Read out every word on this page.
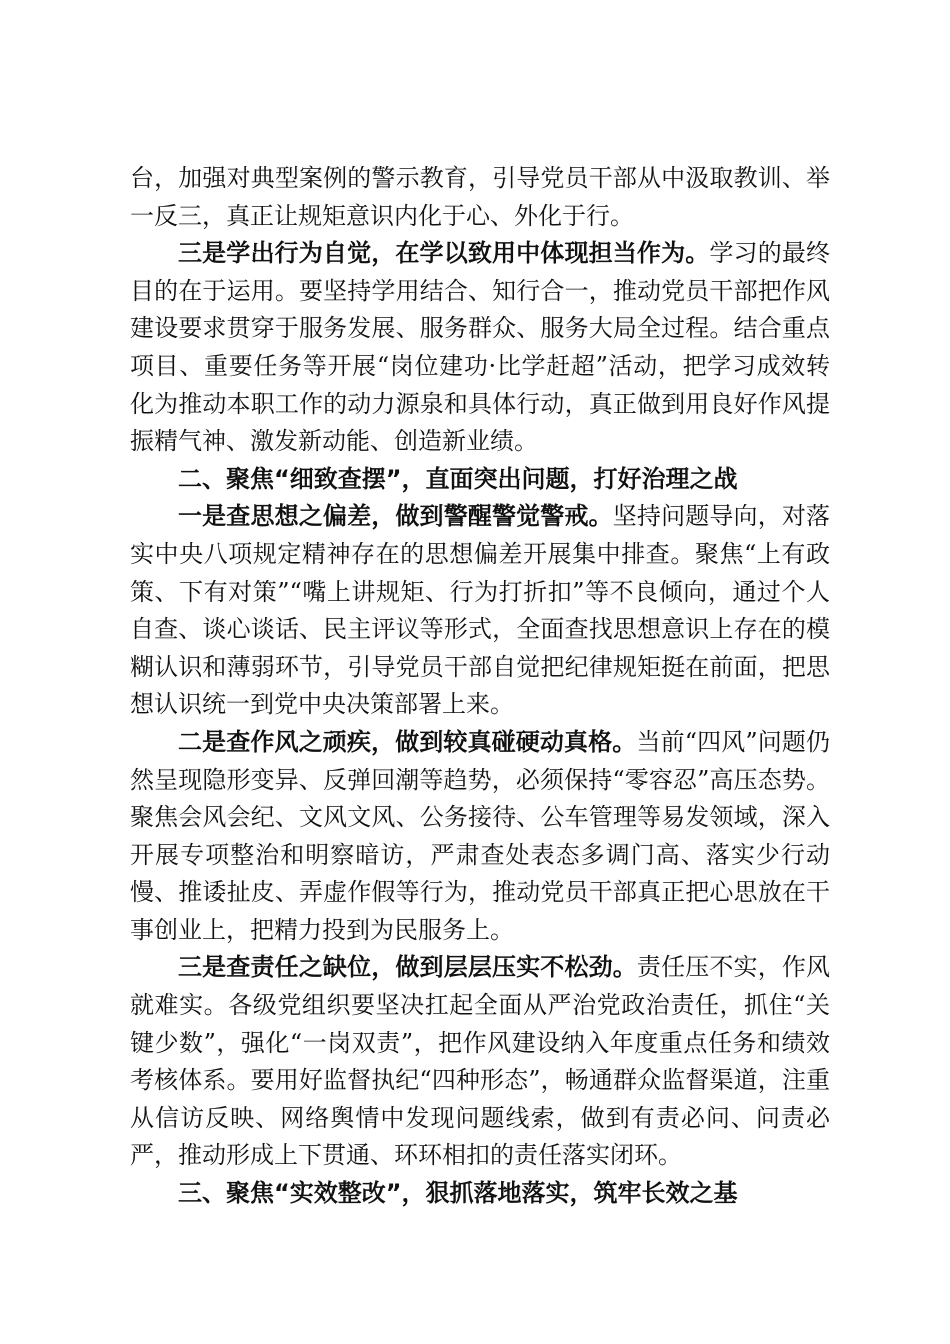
台，加强对典型案例的警示教育，引导党员干部从中汲取教训、举一反三，真正让规矩意识内化于心、外化于行。

三是学出行为自觉，在学以致用中体现担当作为。学习的最终目的在于运用。要坚持学用结合、知行合一，推动党员干部把作风建设要求贯穿于服务发展、服务群众、服务大局全过程。结合重点项目、重要任务等开展“岗位建功·比学赶超”活动，把学习成效转化为推动本职工作的动力源泉和具体行动，真正做到用良好作风提振精气神、激发新动能、创造新业绩。

二、聚焦“细致查摆”，直面突出问题，打好治理之战

一是查思想之偏差，做到警醒警觉警戒。坚持问题导向，对落实中央八项规定精神存在的思想偏差开展集中排查。聚焦“上有政策、下有对策”“嘴上讲规矩、行为打折扣”等不良倾向，通过个人自查、谈心谈话、民主评议等形式，全面查找思想意识上存在的模糊认识和薄弱环节，引导党员干部自觉把纪律规矩挺在前面，把思想认识统一到党中央决策部署上来。

二是查作风之顽疾，做到较真碰硬动真格。当前“四风”问题仍然呈现隐形变异、反弹回潮等趋势，必须保持“零容忍”高压态势。聚焦会风会纪、文风文风、公务接待、公车管理等易发领域，深入开展专项整治和明察暗访，严肃查处表态多调门高、落实少行动慢、推诿扯皮、弄虚作假等行为，推动党员干部真正把心思放在干事创业上，把精力投到为民服务上。

三是查责任之缺位，做到层层压实不松劲。责任压不实，作风就难实。各级党组织要坚决扛起全面从严治党政治责任，抓住“关键少数”，强化“一岗双责”，把作风建设纳入年度重点任务和绩效考核体系。要用好监督执纪“四种形态”，畅通群众监督渠道，注重从信访反映、网络舆情中发现问题线索，做到有责必问、问责必严，推动形成上下贯通、环环相扣的责任落实闭环。

三、聚焦“实效整改”，狠抓落地落实，筑牢长效之基
